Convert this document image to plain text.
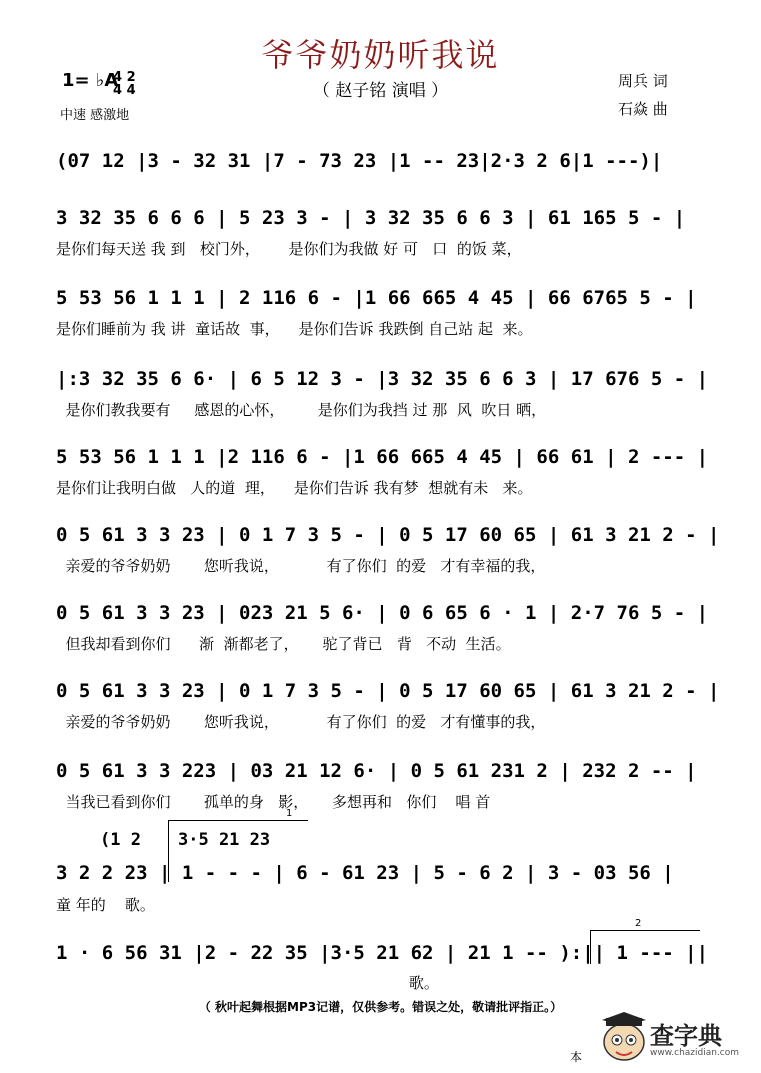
爷爷奶奶听我说
（ 赵子铭 演唱 ）
1= ♭A
4 2
4 4
中速 感激地
周兵 词
石焱 曲
(07 12 |3 - 32 31 |7 - 73 23 |1 -- 23|2·3 2 6|1 ---)|
3 32 35 6 6 6 | 5 23 3 - | 3 32 35 6 6 3 | 61 165 5 - |
是你们每天送 我 到   校门外，      是你们为我做 好 可   口  的饭 菜，
5 53 56 1 1 1 | 2 116 6 - |1 66 665 4 45 | 66 6765 5 - |
是你们睡前为 我 讲  童话故  事，    是你们告诉 我跌倒 自己站 起  来。
|:3 32 35 6 6· | 6 5 12 3 - |3 32 35 6 6 3 | 17 676 5 - |
是你们教我要有     感恩的心怀，       是你们为我挡 过 那  风  吹日 晒，
5 53 56 1 1 1 |2 116 6 - |1 66 665 4 45 | 66 61 | 2 --- |
是你们让我明白做   人的道  理，    是你们告诉 我有梦  想就有未   来。
0 5 61 3 3 23 | 0 1 7 3 5 - | 0 5 17 60 65 | 61 3 21 2 - |
亲爱的爷爷奶奶       您听我说，          有了你们  的爱   才有幸福的我，
0 5 61 3 3 23 | 023 21 5 6· | 0 6 65 6 · 1 | 2·7 76 5 - |
但我却看到你们      渐  渐都老了，     驼了背已   背   不动  生活。
0 5 61 3 3 23 | 0 1 7 3 5 - | 0 5 17 60 65 | 61 3 21 2 - |
亲爱的爷爷奶奶       您听我说，          有了你们  的爱   才有懂事的我，
0 5 61 3 3 223 | 03 21 12 6· | 0 5 61 231 2 | 232 2 -- |
当我已看到你们       孤单的身   影，     多想再和   你们    唱 首
(1 2 3·5 21 23
1
3 2 2 23 | 1 - - - | 6 - 61 23 | 5 - 6 2 | 3 - 03 56 |
童 年的    歌。
2
1 · 6 56 31 |2 - 22 35 |3·5 21 62 | 21 1 -- ):|| 1 --- ||
歌。
（ 秋叶起舞根据MP3记谱，仅供参考。错误之处，敬请批评指正。）
本
查字典
www.chazidian.com
